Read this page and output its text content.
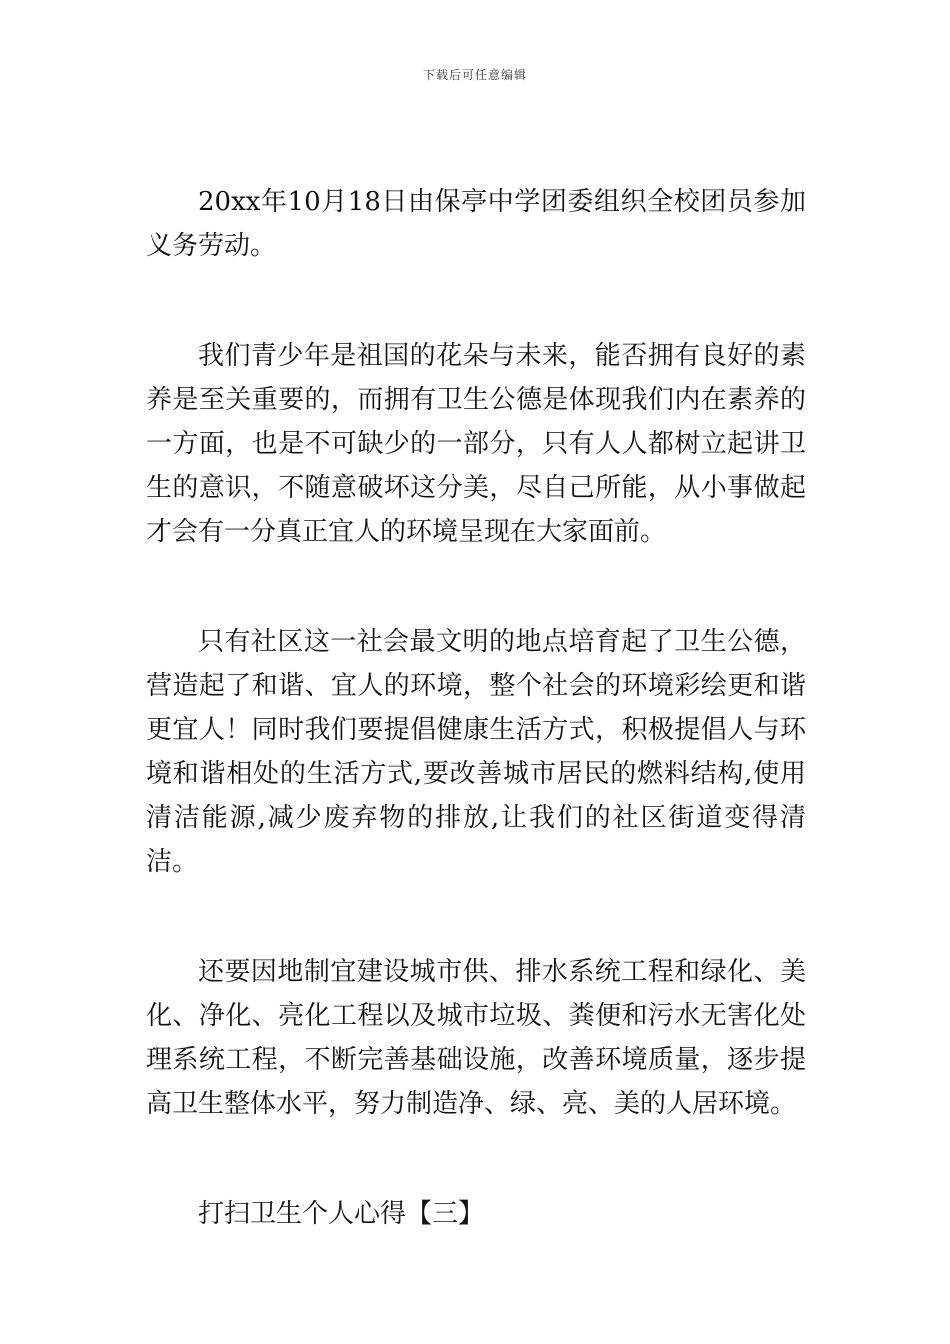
下载后可任意编辑

20xx年10月18日由保亭中学团委组织全校团员参加义务劳动。

我们青少年是祖国的花朵与未来，能否拥有良好的素养是至关重要的，而拥有卫生公德是体现我们内在素养的一方面，也是不可缺少的一部分，只有人人都树立起讲卫生的意识，不随意破坏这分美，尽自己所能，从小事做起才会有一分真正宜人的环境呈现在大家面前。

只有社区这一社会最文明的地点培育起了卫生公德，营造起了和谐、宜人的环境，整个社会的环境彩绘更和谐更宜人！同时我们要提倡健康生活方式，积极提倡人与环境和谐相处的生活方式,要改善城市居民的燃料结构,使用清洁能源,减少废弃物的排放,让我们的社区街道变得清洁。

还要因地制宜建设城市供、排水系统工程和绿化、美化、净化、亮化工程以及城市垃圾、粪便和污水无害化处理系统工程，不断完善基础设施，改善环境质量，逐步提高卫生整体水平，努力制造净、绿、亮、美的人居环境。

打扫卫生个人心得【三】
